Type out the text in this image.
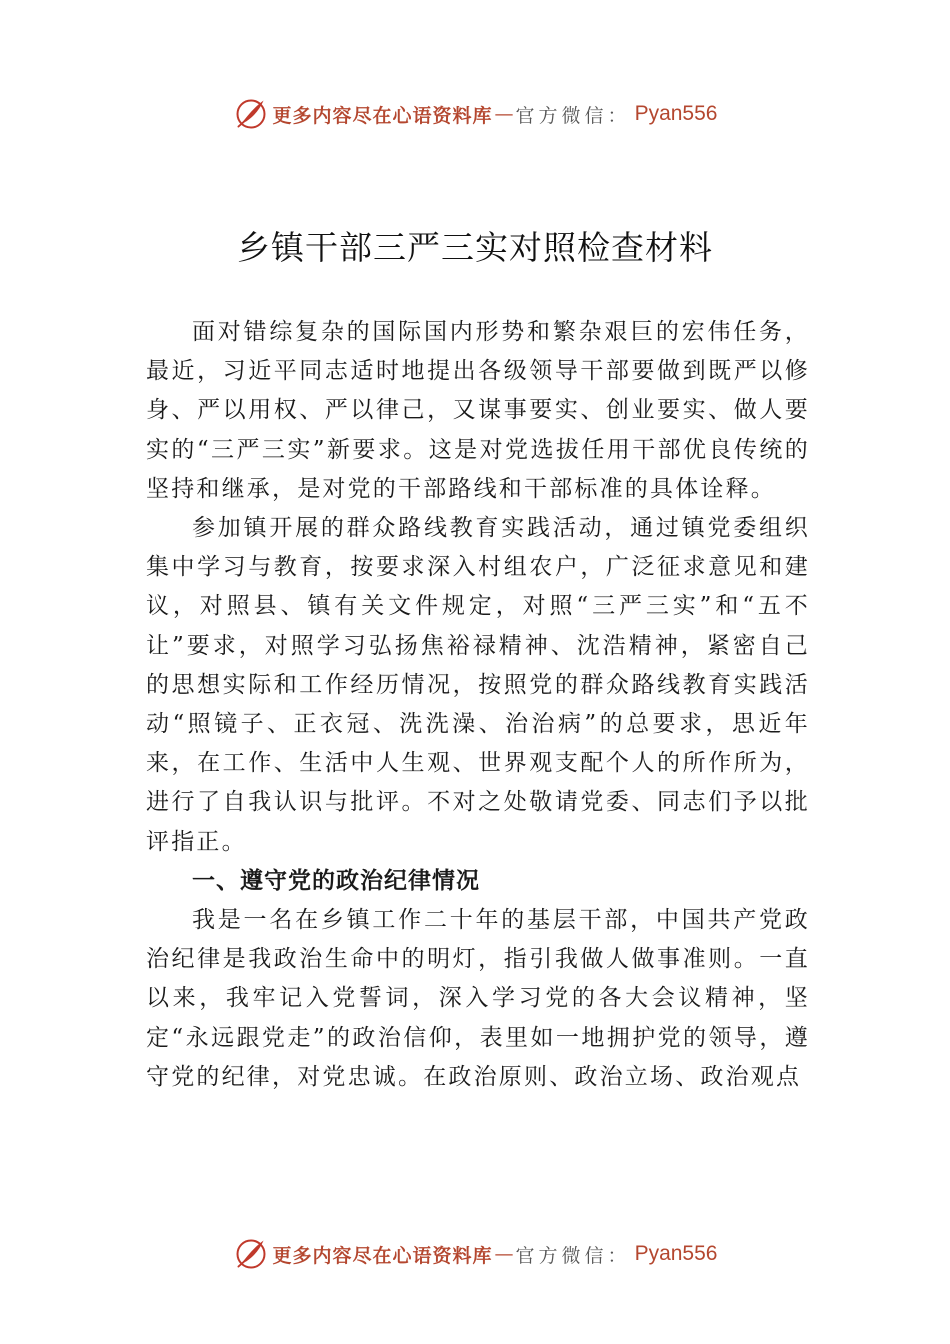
更多内容尽在心语资料库 — 官方微信： Pyan556
乡镇干部三严三实对照检查材料

面对错综复杂的国际国内形势和繁杂艰巨的宏伟任务，最近，习近平同志适时地提出各级领导干部要做到既严以修身、严以用权、严以律己，又谋事要实、创业要实、做人要实的“三严三实”新要求。这是对党选拔任用干部优良传统的坚持和继承，是对党的干部路线和干部标准的具体诠释。

参加镇开展的群众路线教育实践活动，通过镇党委组织集中学习与教育，按要求深入村组农户，广泛征求意见和建议，对照县、镇有关文件规定，对照“三严三实”和“五不让”要求，对照学习弘扬焦裕禄精神、沈浩精神，紧密自己的思想实际和工作经历情况，按照党的群众路线教育实践活动“照镜子、正衣冠、洗洗澡、治治病”的总要求，思近年来，在工作、生活中人生观、世界观支配个人的所作所为， 进行了自我认识与批评。不对之处敬请党委、同志们予以批评指正。

一、遵守党的政治纪律情况

我是一名在乡镇工作二十年的基层干部，中国共产党政治纪律是我政治生命中的明灯，指引我做人做事准则。一直以来，我牢记入党誓词，深入学习党的各大会议精神，坚定“永远跟党走”的政治信仰，表里如一地拥护党的领导，遵守党的纪律，对党忠诚。在政治原则、政治立场、政治观点

更多内容尽在心语资料库 — 官方微信： Pyan556
